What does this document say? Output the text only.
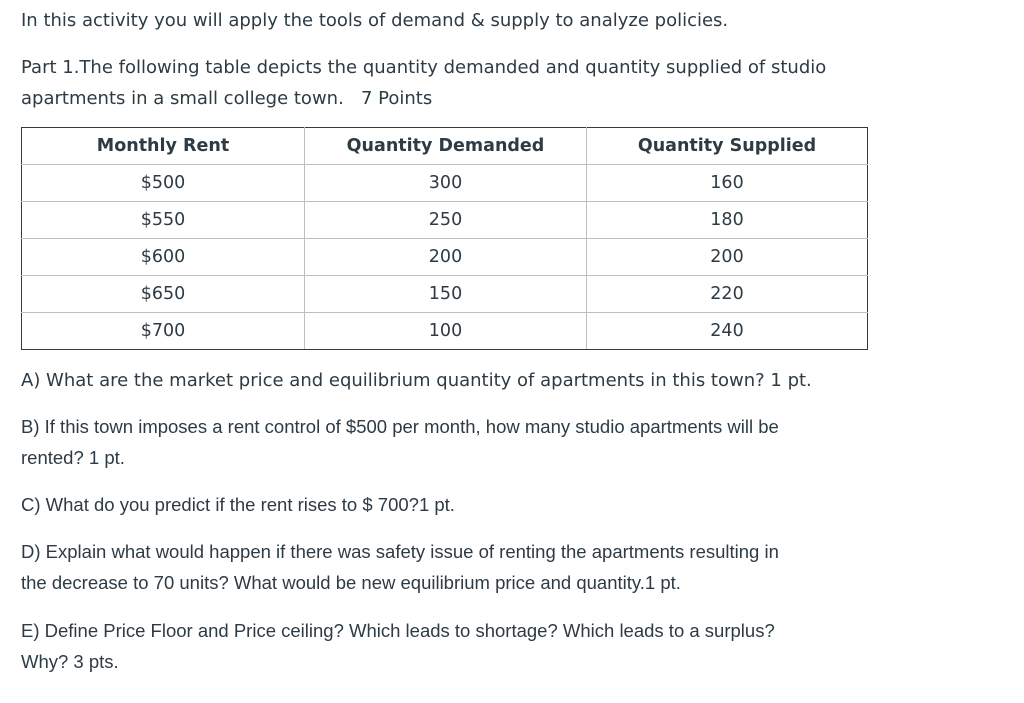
In this activity you will apply the tools of demand & supply to analyze policies.

Part 1.The following table depicts the quantity demanded and quantity supplied of studio
apartments in a small college town.   7 Points

Monthly Rent	Quantity Demanded	Quantity Supplied
$500	300	160
$550	250	180
$600	200	200
$650	150	220
$700	100	240

A) What are the market price and equilibrium quantity of apartments in this town? 1 pt.

B) If this town imposes a rent control of $500 per month, how many studio apartments will be
rented? 1 pt.

C) What do you predict if the rent rises to $ 700?1 pt.

D) Explain what would happen if there was safety issue of renting the apartments resulting in
the decrease to 70 units? What would be new equilibrium price and quantity.1 pt.

E) Define Price Floor and Price ceiling? Which leads to shortage? Which leads to a surplus?
Why? 3 pts.
